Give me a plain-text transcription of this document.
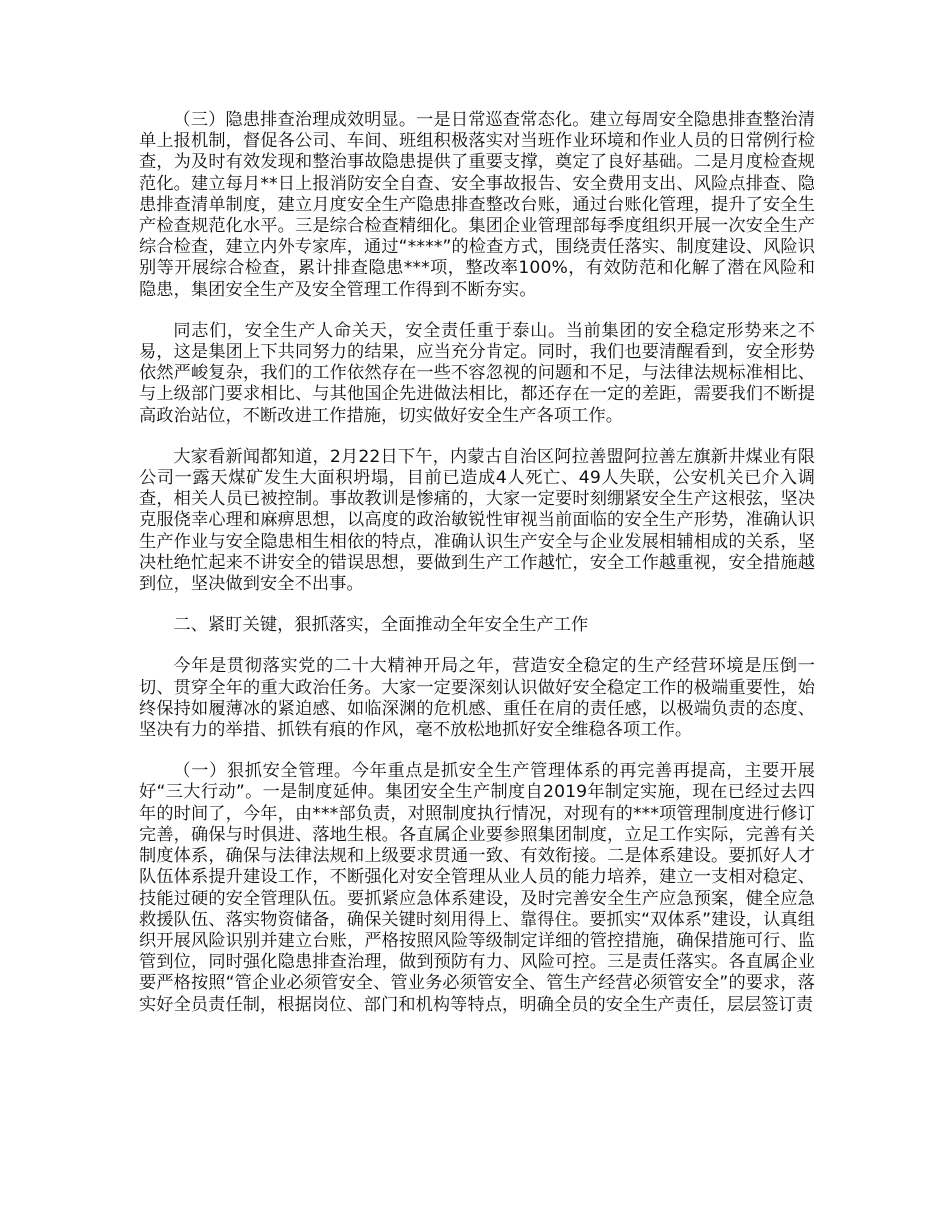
（三）隐患排查治理成效明显。一是日常巡查常态化。建立每周安全隐患排查整治清单上报机制，督促各公司、车间、班组积极落实对当班作业环境和作业人员的日常例行检查，为及时有效发现和整治事故隐患提供了重要支撑，奠定了良好基础。二是月度检查规范化。建立每月**日上报消防安全自查、安全事故报告、安全费用支出、风险点排查、隐患排查清单制度，建立月度安全生产隐患排查整改台账，通过台账化管理，提升了安全生产检查规范化水平。三是综合检查精细化。集团企业管理部每季度组织开展一次安全生产综合检查，建立内外专家库，通过“****”的检查方式，围绕责任落实、制度建设、风险识别等开展综合检查，累计排查隐患***项，整改率100%，有效防范和化解了潜在风险和隐患，集团安全生产及安全管理工作得到不断夯实。

同志们，安全生产人命关天，安全责任重于泰山。当前集团的安全稳定形势来之不易，这是集团上下共同努力的结果，应当充分肯定。同时，我们也要清醒看到，安全形势依然严峻复杂，我们的工作依然存在一些不容忽视的问题和不足，与法律法规标准相比、与上级部门要求相比、与其他国企先进做法相比，都还存在一定的差距，需要我们不断提高政治站位，不断改进工作措施，切实做好安全生产各项工作。

大家看新闻都知道，2月22日下午，内蒙古自治区阿拉善盟阿拉善左旗新井煤业有限公司一露天煤矿发生大面积坍塌，目前已造成4人死亡、49人失联，公安机关已介入调查，相关人员已被控制。事故教训是惨痛的，大家一定要时刻绷紧安全生产这根弦，坚决克服侥幸心理和麻痹思想，以高度的政治敏锐性审视当前面临的安全生产形势，准确认识生产作业与安全隐患相生相依的特点，准确认识生产安全与企业发展相辅相成的关系，坚决杜绝忙起来不讲安全的错误思想，要做到生产工作越忙，安全工作越重视，安全措施越到位，坚决做到安全不出事。

二、紧盯关键，狠抓落实，全面推动全年安全生产工作

今年是贯彻落实党的二十大精神开局之年，营造安全稳定的生产经营环境是压倒一切、贯穿全年的重大政治任务。大家一定要深刻认识做好安全稳定工作的极端重要性，始终保持如履薄冰的紧迫感、如临深渊的危机感、重任在肩的责任感，以极端负责的态度、坚决有力的举措、抓铁有痕的作风，毫不放松地抓好安全维稳各项工作。

（一）狠抓安全管理。今年重点是抓安全生产管理体系的再完善再提高，主要开展好“三大行动”。一是制度延伸。集团安全生产制度自2019年制定实施，现在已经过去四年的时间了，今年，由***部负责，对照制度执行情况，对现有的***项管理制度进行修订完善，确保与时俱进、落地生根。各直属企业要参照集团制度，立足工作实际，完善有关制度体系，确保与法律法规和上级要求贯通一致、有效衔接。二是体系建设。要抓好人才队伍体系提升建设工作，不断强化对安全管理从业人员的能力培养，建立一支相对稳定、技能过硬的安全管理队伍。要抓紧应急体系建设，及时完善安全生产应急预案，健全应急救援队伍、落实物资储备，确保关键时刻用得上、靠得住。要抓实“双体系”建设，认真组织开展风险识别并建立台账，严格按照风险等级制定详细的管控措施，确保措施可行、监管到位，同时强化隐患排查治理，做到预防有力、风险可控。三是责任落实。各直属企业要严格按照“管企业必须管安全、管业务必须管安全、管生产经营必须管安全”的要求，落实好全员责任制，根据岗位、部门和机构等特点，明确全员的安全生产责任，层层签订责
